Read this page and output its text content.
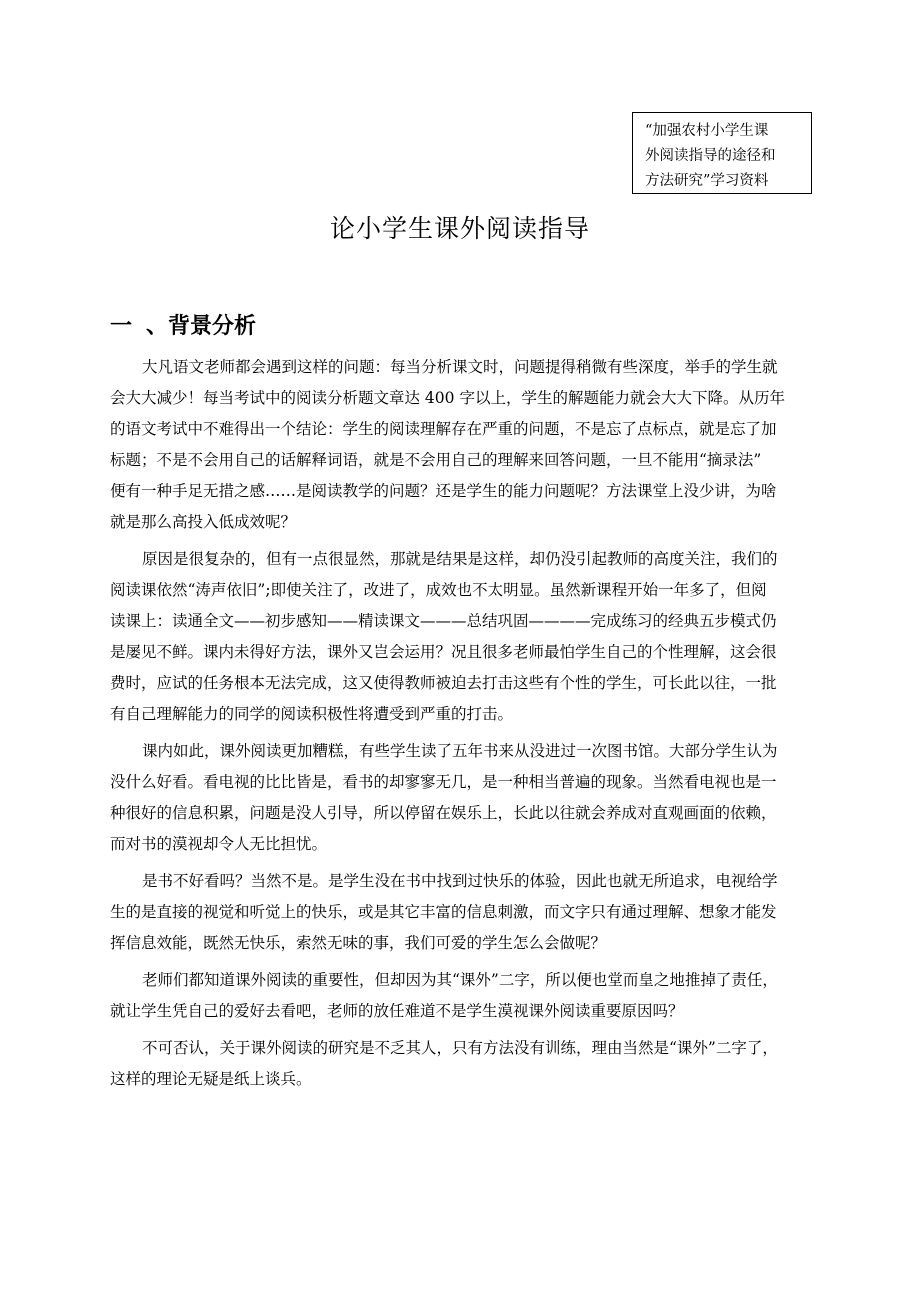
“加强农村小学生课
外阅读指导的途径和
方法研究”学习资料
论小学生课外阅读指导
一 、背景分析
大凡语文老师都会遇到这样的问题：每当分析课文时，问题提得稍微有些深度，举手的学生就
会大大减少！每当考试中的阅读分析题文章达 400 字以上，学生的解题能力就会大大下降。从历年
的语文考试中不难得出一个结论：学生的阅读理解存在严重的问题，不是忘了点标点，就是忘了加
标题；不是不会用自己的话解释词语，就是不会用自己的理解来回答问题，一旦不能用“摘录法”
便有一种手足无措之感……是阅读教学的问题？还是学生的能力问题呢？方法课堂上没少讲，为啥
就是那么高投入低成效呢？
原因是很复杂的，但有一点很显然，那就是结果是这样，却仍没引起教师的高度关注，我们的
阅读课依然“涛声依旧”;即使关注了，改进了，成效也不太明显。虽然新课程开始一年多了，但阅
读课上：读通全文——初步感知——精读课文———总结巩固————完成练习的经典五步模式仍
是屡见不鲜。课内未得好方法，课外又岂会运用？况且很多老师最怕学生自己的个性理解，这会很
费时，应试的任务根本无法完成，这又使得教师被迫去打击这些有个性的学生，可长此以往，一批
有自己理解能力的同学的阅读积极性将遭受到严重的打击。
课内如此，课外阅读更加糟糕，有些学生读了五年书来从没进过一次图书馆。大部分学生认为
没什么好看。看电视的比比皆是，看书的却寥寥无几，是一种相当普遍的现象。当然看电视也是一
种很好的信息积累，问题是没人引导，所以停留在娱乐上，长此以往就会养成对直观画面的依赖，
而对书的漠视却令人无比担忧。
是书不好看吗？当然不是。是学生没在书中找到过快乐的体验，因此也就无所追求，电视给学
生的是直接的视觉和听觉上的快乐，或是其它丰富的信息刺激，而文字只有通过理解、想象才能发
挥信息效能，既然无快乐，索然无味的事，我们可爱的学生怎么会做呢？
老师们都知道课外阅读的重要性，但却因为其“课外”二字，所以便也堂而皇之地推掉了责任，
就让学生凭自己的爱好去看吧，老师的放任难道不是学生漠视课外阅读重要原因吗？
不可否认，关于课外阅读的研究是不乏其人，只有方法没有训练，理由当然是“课外”二字了，
这样的理论无疑是纸上谈兵。
